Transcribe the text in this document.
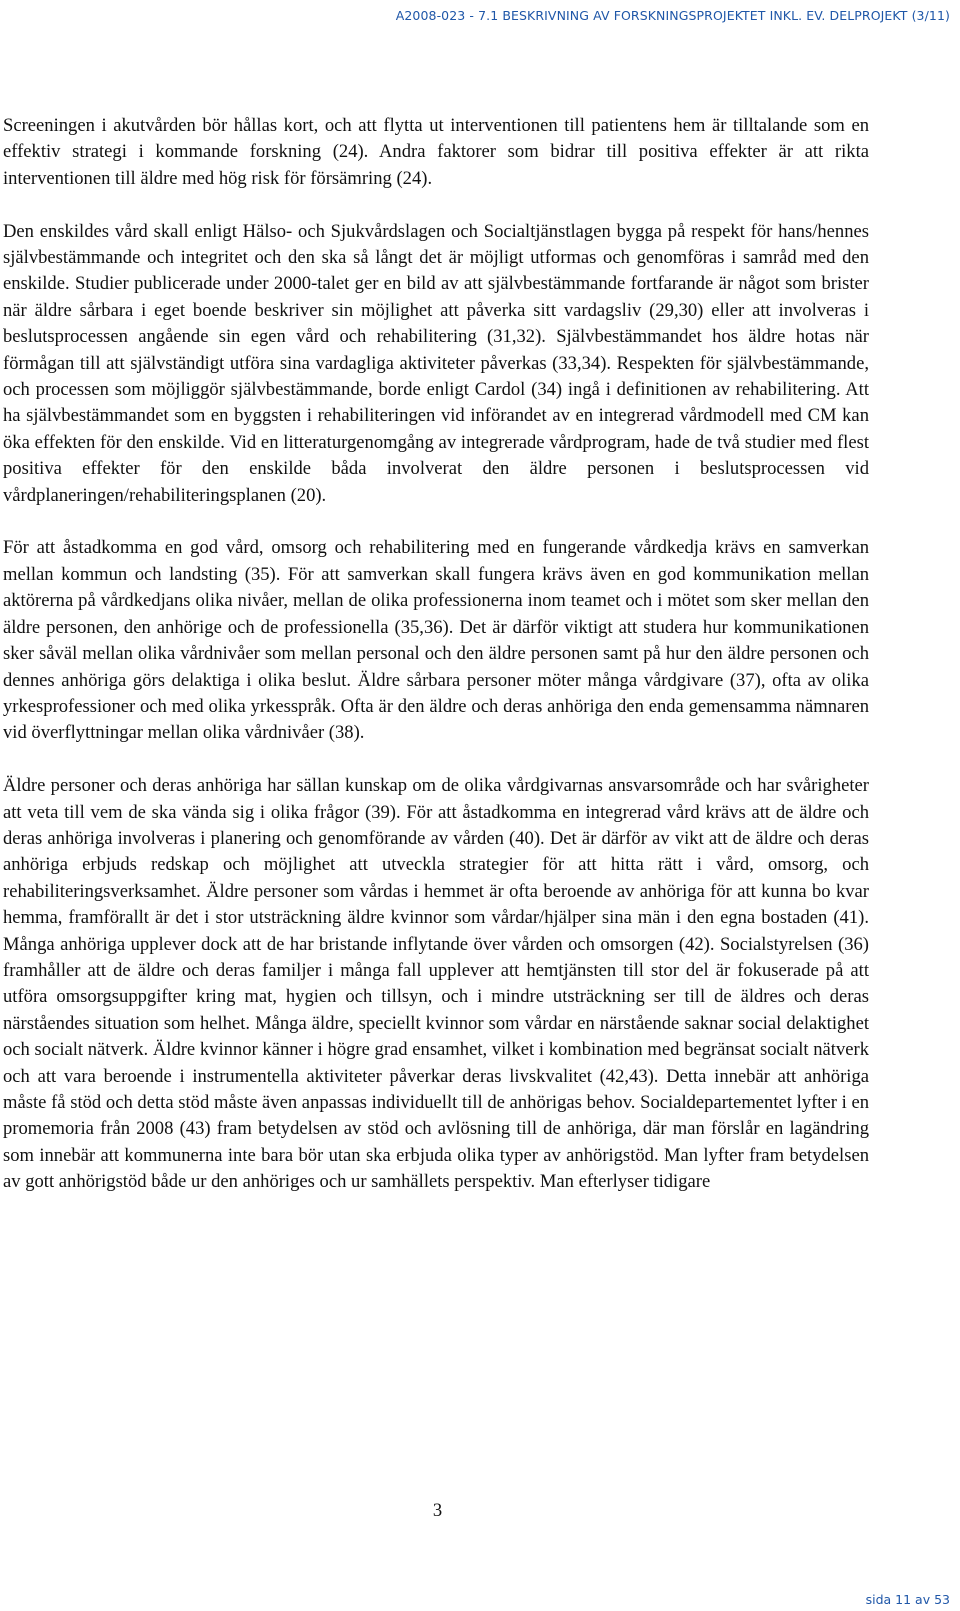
A2008-023 - 7.1 BESKRIVNING AV FORSKNINGSPROJEKTET INKL. EV. DELPROJEKT (3/11)

Screeningen i akutvården bör hållas kort, och att flytta ut interventionen till patientens hem är tilltalande som en effektiv strategi i kommande forskning (24). Andra faktorer som bidrar till positiva effekter är att rikta interventionen till äldre med hög risk för försämring (24).

Den enskildes vård skall enligt Hälso- och Sjukvårdslagen och Socialtjänstlagen bygga på respekt för hans/hennes självbestämmande och integritet och den ska så långt det är möjligt utformas och genomföras i samråd med den enskilde. Studier publicerade under 2000-talet ger en bild av att självbestämmande fortfarande är något som brister när äldre sårbara i eget boende beskriver sin möjlighet att påverka sitt vardagsliv (29,30) eller att involveras i beslutsprocessen angående sin egen vård och rehabilitering (31,32). Självbestämmandet hos äldre hotas när förmågan till att självständigt utföra sina vardagliga aktiviteter påverkas (33,34). Respekten för självbestämmande, och processen som möjliggör självbestämmande, borde enligt Cardol (34) ingå i definitionen av rehabilitering. Att ha självbestämmandet som en byggsten i rehabiliteringen vid införandet av en integrerad vårdmodell med CM kan öka effekten för den enskilde. Vid en litteraturgenomgång av integrerade vårdprogram, hade de två studier med flest positiva effekter för den enskilde båda involverat den äldre personen i beslutsprocessen vid vårdplaneringen/rehabiliteringsplanen (20).

För att åstadkomma en god vård, omsorg och rehabilitering med en fungerande vårdkedja krävs en samverkan mellan kommun och landsting (35). För att samverkan skall fungera krävs även en god kommunikation mellan aktörerna på vårdkedjans olika nivåer, mellan de olika professionerna inom teamet och i mötet som sker mellan den äldre personen, den anhörige och de professionella (35,36). Det är därför viktigt att studera hur kommunikationen sker såväl mellan olika vårdnivåer som mellan personal och den äldre personen samt på hur den äldre personen och dennes anhöriga görs delaktiga i olika beslut. Äldre sårbara personer möter många vårdgivare (37), ofta av olika yrkesprofessioner och med olika yrkesspråk. Ofta är den äldre och deras anhöriga den enda gemensamma nämnaren vid överflyttningar mellan olika vårdnivåer (38).

Äldre personer och deras anhöriga har sällan kunskap om de olika vårdgivarnas ansvarsområde och har svårigheter att veta till vem de ska vända sig i olika frågor (39). För att åstadkomma en integrerad vård krävs att de äldre och deras anhöriga involveras i planering och genomförande av vården (40). Det är därför av vikt att de äldre och deras anhöriga erbjuds redskap och möjlighet att utveckla strategier för att hitta rätt i vård, omsorg, och rehabiliteringsverksamhet. Äldre personer som vårdas i hemmet är ofta beroende av anhöriga för att kunna bo kvar hemma, framförallt är det i stor utsträckning äldre kvinnor som vårdar/hjälper sina män i den egna bostaden (41). Många anhöriga upplever dock att de har bristande inflytande över vården och omsorgen (42). Socialstyrelsen (36) framhåller att de äldre och deras familjer i många fall upplever att hemtjänsten till stor del är fokuserade på att utföra omsorgsuppgifter kring mat, hygien och tillsyn, och i mindre utsträckning ser till de äldres och deras närståendes situation som helhet. Många äldre, speciellt kvinnor som vårdar en närstående saknar social delaktighet och socialt nätverk. Äldre kvinnor känner i högre grad ensamhet, vilket i kombination med begränsat socialt nätverk och att vara beroende i instrumentella aktiviteter påverkar deras livskvalitet (42,43). Detta innebär att anhöriga måste få stöd och detta stöd måste även anpassas individuellt till de anhörigas behov. Socialdepartementet lyfter i en promemoria från 2008 (43) fram betydelsen av stöd och avlösning till de anhöriga, där man förslår en lagändring som innebär att kommunerna inte bara bör utan ska erbjuda olika typer av anhörigstöd. Man lyfter fram betydelsen av gott anhörigstöd både ur den anhöriges och ur samhällets perspektiv. Man efterlyser tidigare

3
sida 11 av 53
